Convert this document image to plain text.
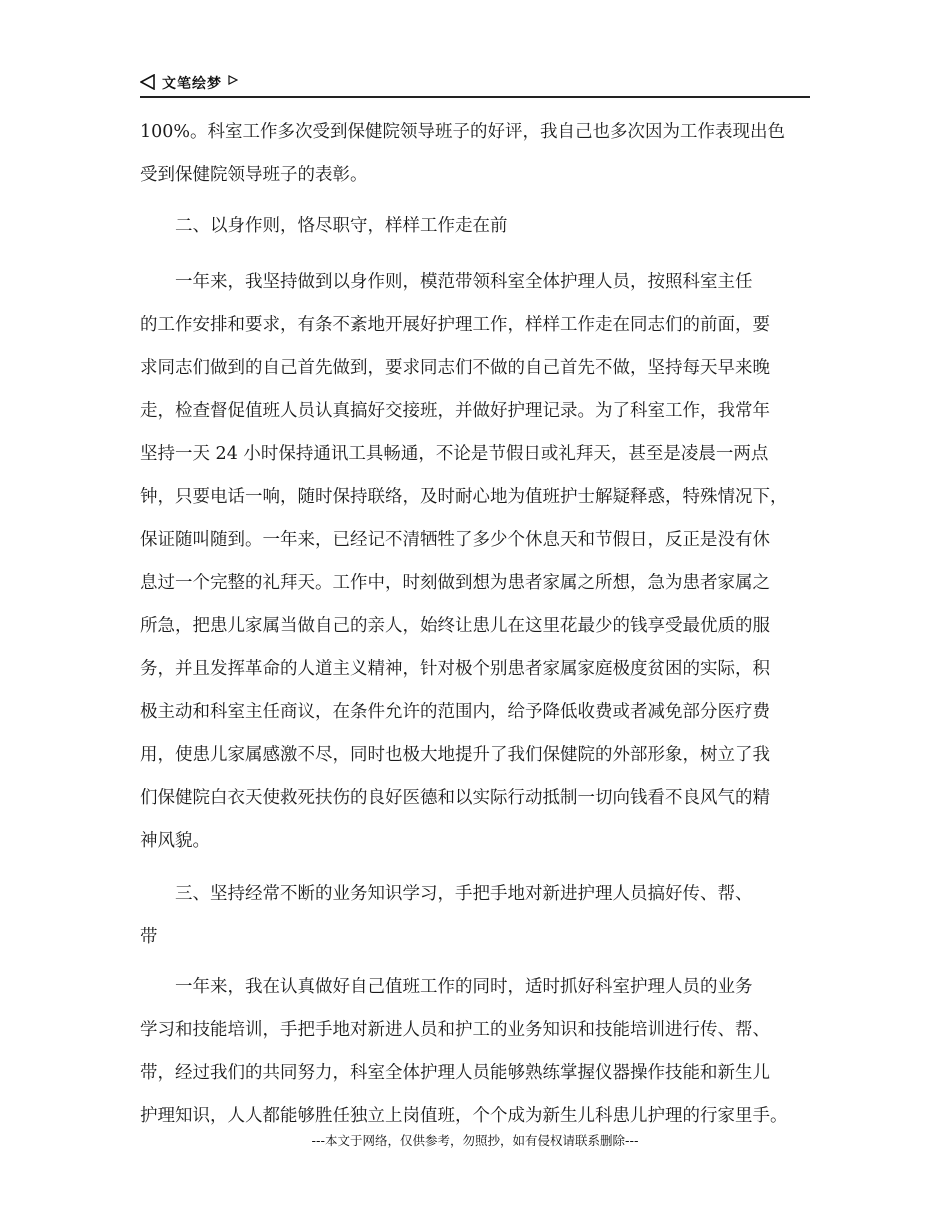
文笔绘梦

100%。科室工作多次受到保健院领导班子的好评，我自己也多次因为工作表现出色
受到保健院领导班子的表彰。

二、以身作则，恪尽职守，样样工作走在前

一年来，我坚持做到以身作则，模范带领科室全体护理人员，按照科室主任
的工作安排和要求，有条不紊地开展好护理工作，样样工作走在同志们的前面，要
求同志们做到的自己首先做到，要求同志们不做的自己首先不做，坚持每天早来晚
走，检查督促值班人员认真搞好交接班，并做好护理记录。为了科室工作，我常年
坚持一天 24 小时保持通讯工具畅通，不论是节假日或礼拜天，甚至是凌晨一两点
钟，只要电话一响，随时保持联络，及时耐心地为值班护士解疑释惑，特殊情况下，
保证随叫随到。一年来，已经记不清牺牲了多少个休息天和节假日，反正是没有休
息过一个完整的礼拜天。工作中，时刻做到想为患者家属之所想，急为患者家属之
所急，把患儿家属当做自己的亲人，始终让患儿在这里花最少的钱享受最优质的服
务，并且发挥革命的人道主义精神，针对极个别患者家属家庭极度贫困的实际，积
极主动和科室主任商议，在条件允许的范围内，给予降低收费或者减免部分医疗费
用，使患儿家属感激不尽，同时也极大地提升了我们保健院的外部形象，树立了我
们保健院白衣天使救死扶伤的良好医德和以实际行动抵制一切向钱看不良风气的精
神风貌。

三、坚持经常不断的业务知识学习，手把手地对新进护理人员搞好传、帮、
带

一年来，我在认真做好自己值班工作的同时，适时抓好科室护理人员的业务
学习和技能培训，手把手地对新进人员和护工的业务知识和技能培训进行传、帮、
带，经过我们的共同努力，科室全体护理人员能够熟练掌握仪器操作技能和新生儿
护理知识，人人都能够胜任独立上岗值班，个个成为新生儿科患儿护理的行家里手。

---本文于网络，仅供参考，勿照抄，如有侵权请联系删除---
